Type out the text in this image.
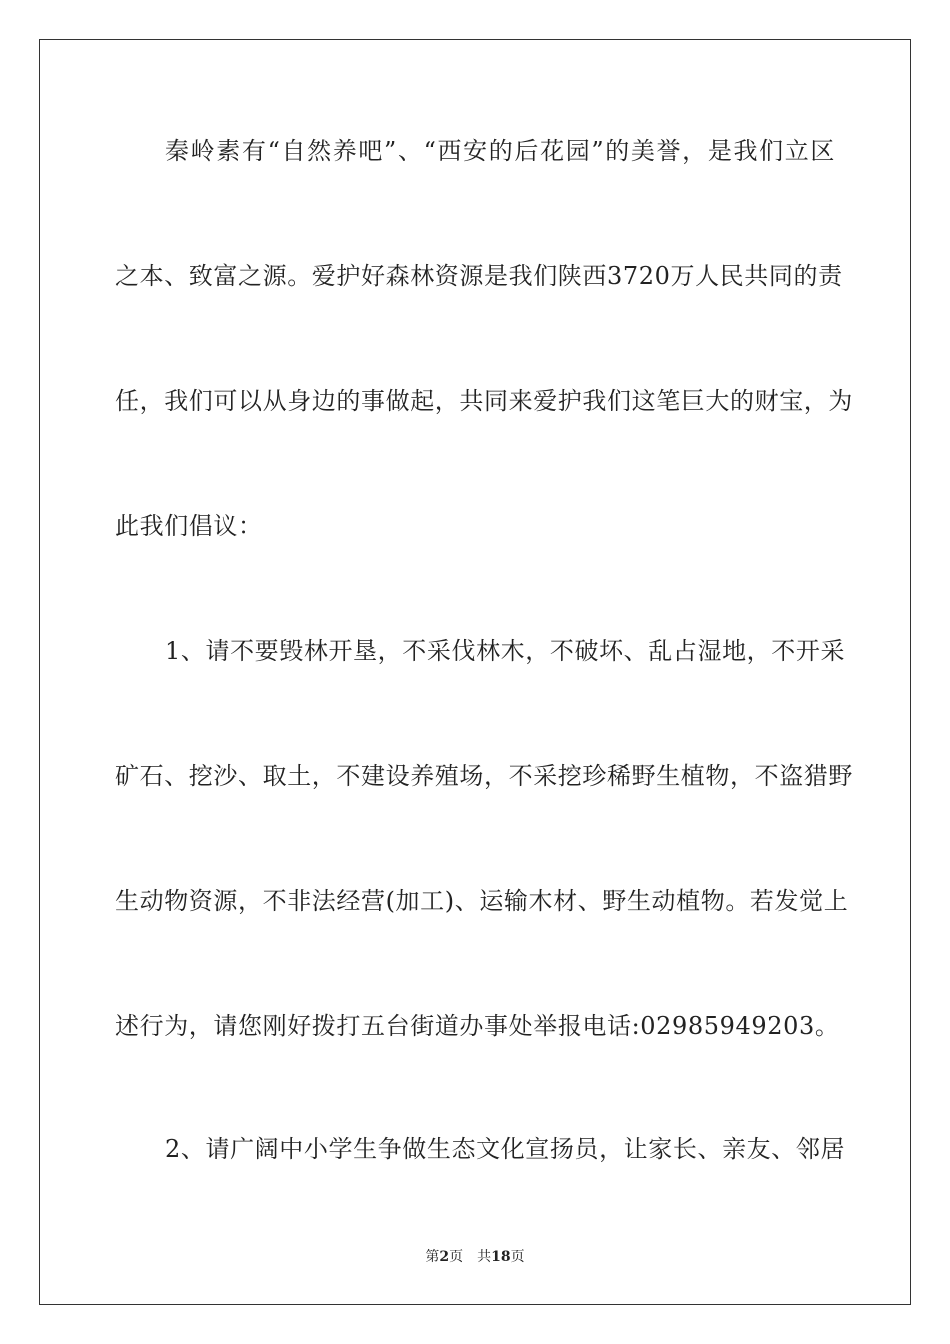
秦岭素有“自然养吧”、“西安的后花园”的美誉，是我们立区
之本、致富之源。爱护好森林资源是我们陕西3720万人民共同的责
任，我们可以从身边的事做起，共同来爱护我们这笔巨大的财宝，为
此我们倡议：
1、请不要毁林开垦，不采伐林木，不破坏、乱占湿地，不开采
矿石、挖沙、取土，不建设养殖场，不采挖珍稀野生植物，不盗猎野
生动物资源，不非法经营(加工)、运输木材、野生动植物。若发觉上
述行为，请您刚好拨打五台街道办事处举报电话:02985949203。
2、请广阔中小学生争做生态文化宣扬员，让家长、亲友、邻居
第2页 共18页
